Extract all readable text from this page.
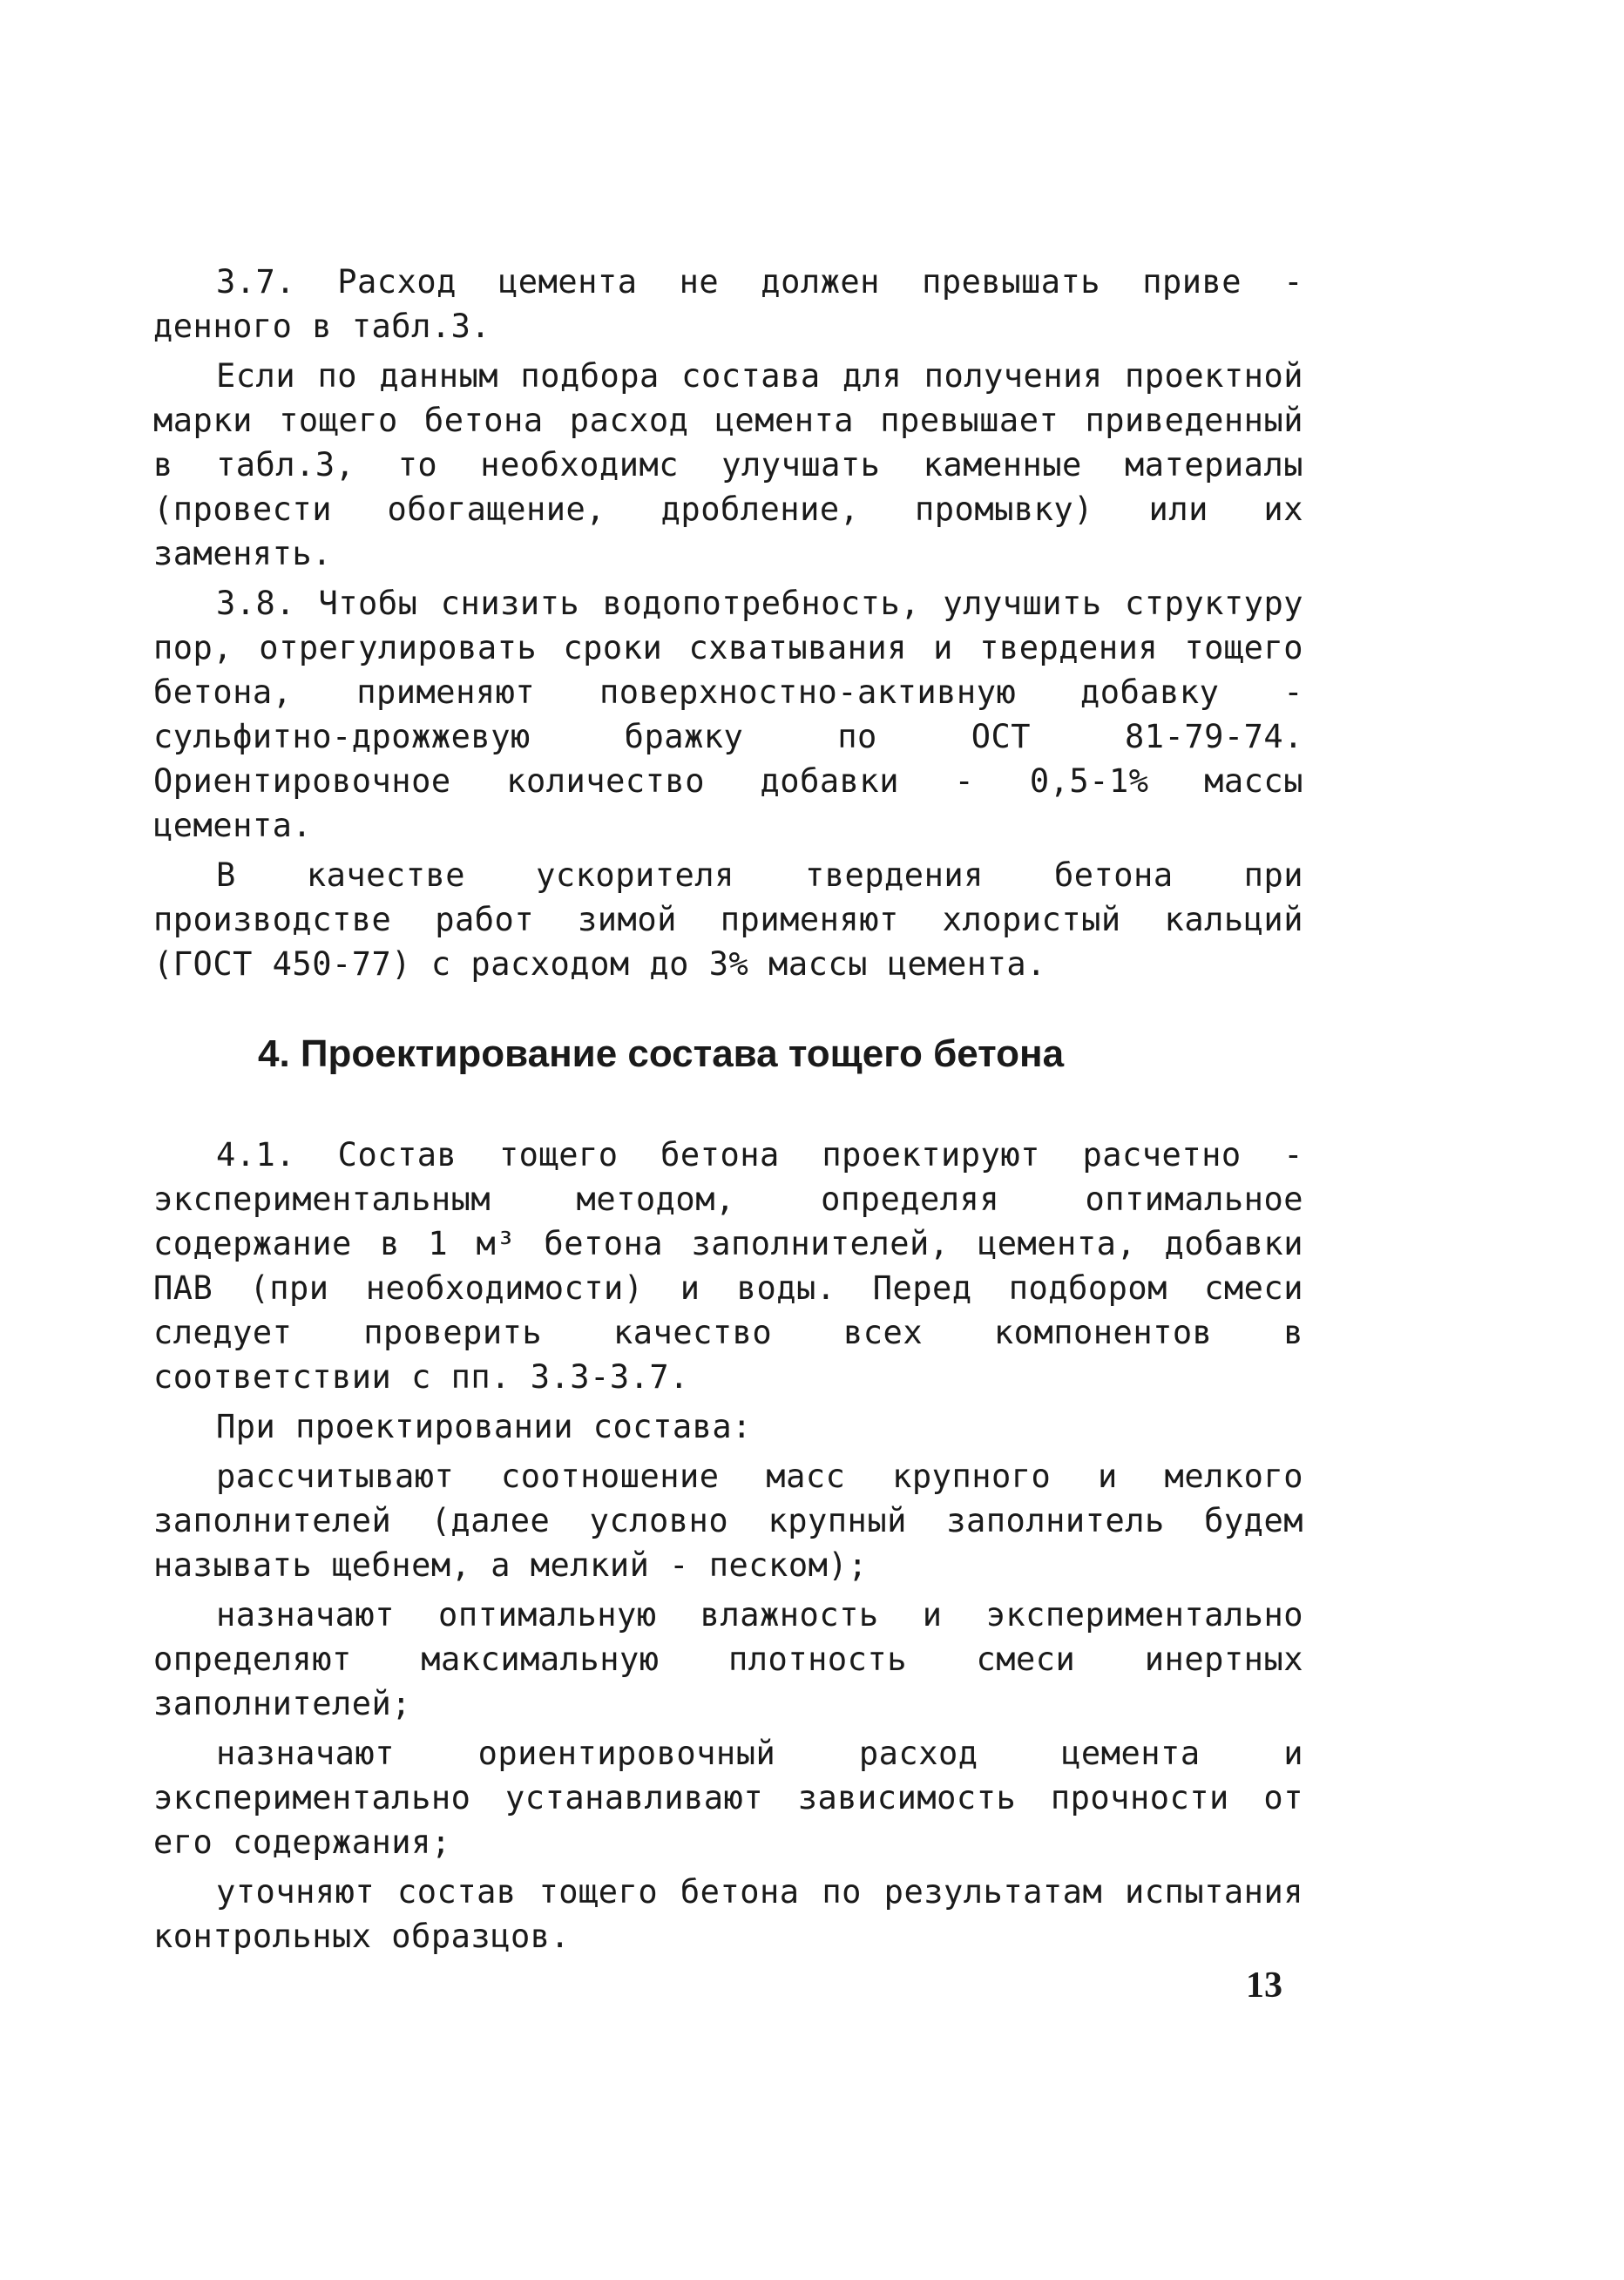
3.7. Расход цемента не должен превышать приве - денного в табл.3.

Если по данным подбора состава для получения проектной марки тощего бетона расход цемента превышает приведенный в табл.3, то необходимс улучшать каменные материалы (провести обогащение, дробление, промывку) или их заменять.

3.8. Чтобы снизить водопотребность, улучшить структуру пор, отрегулировать сроки схватывания и твердения тощего бетона, применяют поверхностно-активную добавку - сульфитно-дрожжевую бражку по ОСТ 81-79-74. Ориентировочное количество добавки - 0,5-1% массы цемента.

В качестве ускорителя твердения бетона при производстве работ зимой применяют хлористый кальций (ГОСТ 450-77) с расходом до 3% массы цемента.

4. Проектирование состава тощего бетона

4.1. Состав тощего бетона проектируют расчетно - экспериментальным методом, определяя оптимальное содержание в 1 м³ бетона заполнителей, цемента, добавки ПАВ (при необходимости) и воды. Перед подбором смеси следует проверить качество всех компонентов в соответствии с пп. 3.3-3.7.

При проектировании состава:

рассчитывают соотношение масс крупного и мелкого заполнителей (далее условно крупный заполнитель будем называть щебнем, а мелкий - песком);

назначают оптимальную влажность и экспериментально определяют максимальную плотность смеси инертных заполнителей;

назначают ориентировочный расход цемента и экспериментально устанавливают зависимость прочности от его содержания;

уточняют состав тощего бетона по результатам испытания контрольных образцов.

13
